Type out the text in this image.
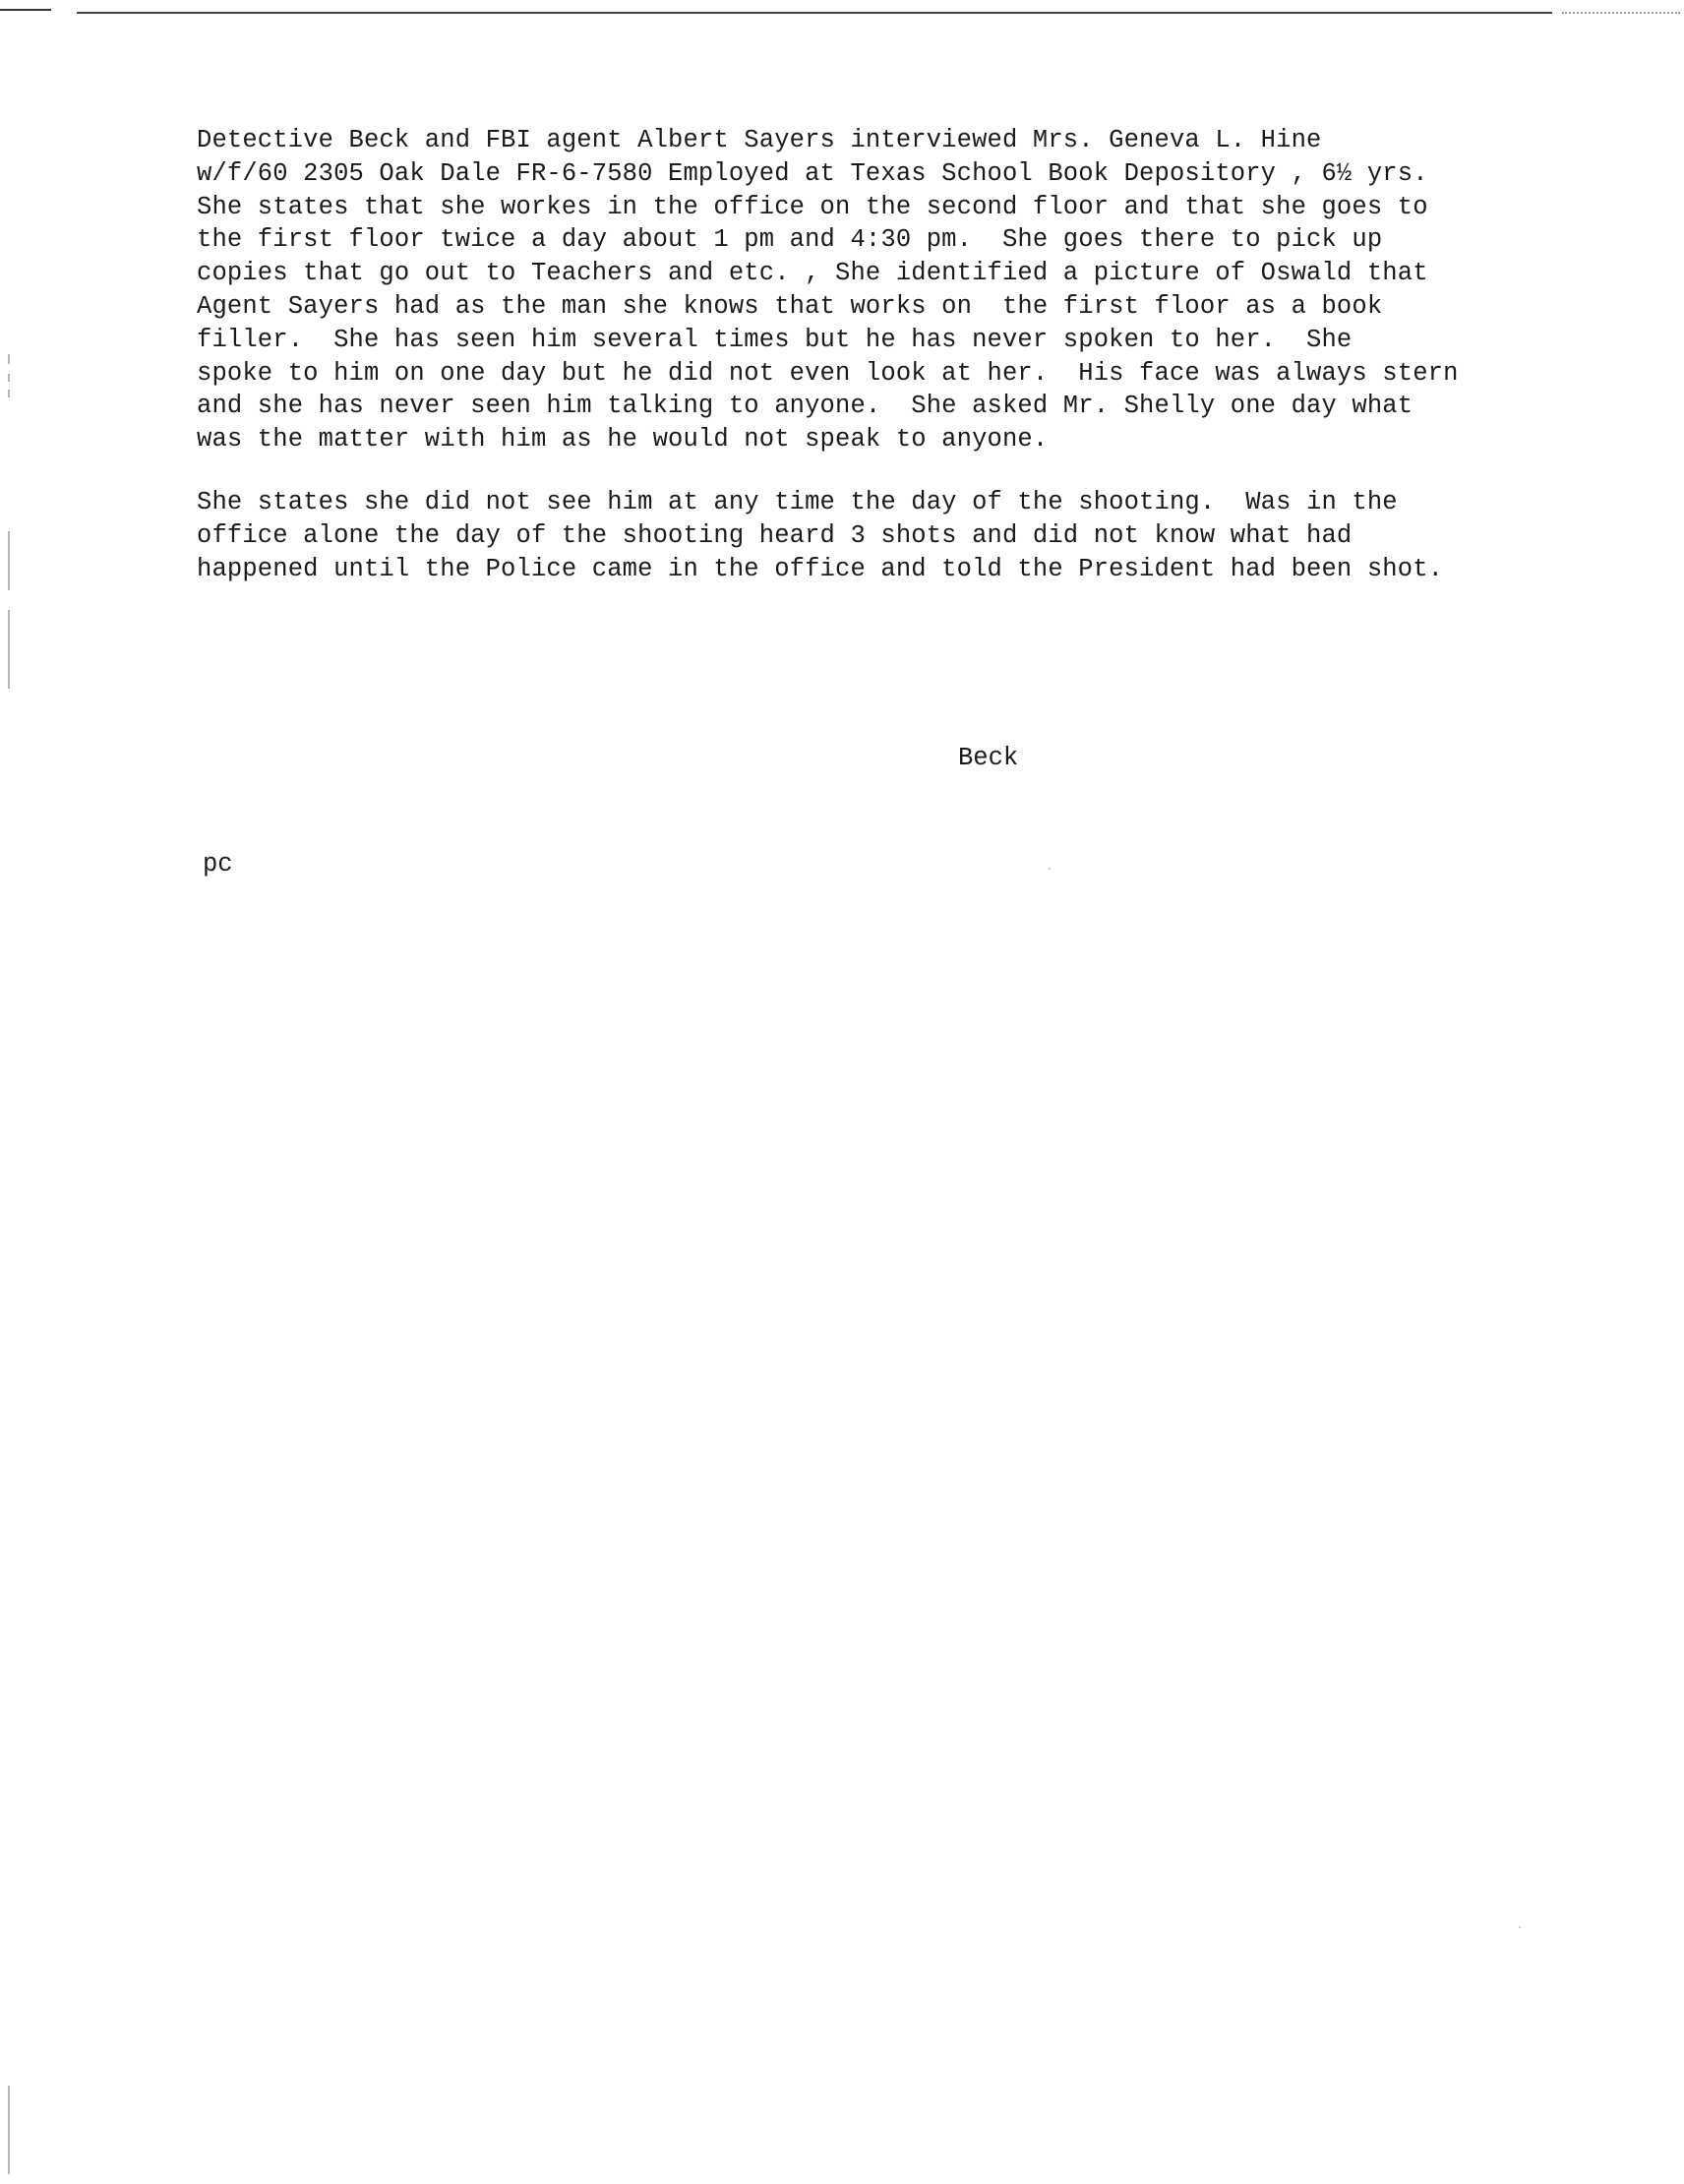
Detective Beck and FBI agent Albert Sayers interviewed Mrs. Geneva L. Hine
w/f/60 2305 Oak Dale FR-6-7580 Employed at Texas School Book Depository , 6½ yrs.
She states that she workes in the office on the second floor and that she goes to
the first floor twice a day about 1 pm and 4:30 pm.  She goes there to pick up
copies that go out to Teachers and etc. , She identified a picture of Oswald that
Agent Sayers had as the man she knows that works on  the first floor as a book
filler.  She has seen him several times but he has never spoken to her.  She
spoke to him on one day but he did not even look at her.  His face was always stern
and she has never seen him talking to anyone.  She asked Mr. Shelly one day what
was the matter with him as he would not speak to anyone.
She states she did not see him at any time the day of the shooting.  Was in the
office alone the day of the shooting heard 3 shots and did not know what had
happened until the Police came in the office and told the President had been shot.
Beck
pc
